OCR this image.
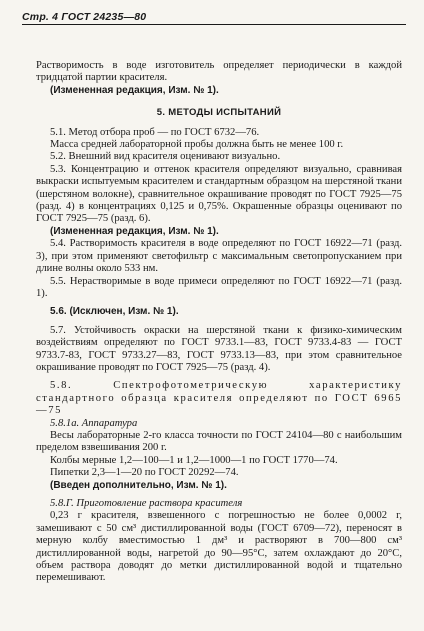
Стр. 4 ГОСТ 24235—80
Растворимость в воде изготовитель определяет периодически в каждой тридцатой партии красителя.
(Измененная редакция, Изм. № 1).
5. МЕТОДЫ ИСПЫТАНИЙ
5.1. Метод отбора проб — по ГОСТ 6732—76.
Масса средней лабораторной пробы должна быть не менее 100 г.
5.2. Внешний вид красителя оценивают визуально.
5.3. Концентрацию и оттенок красителя определяют визуально, сравнивая выкраски испытуемым красителем и стандартным образцом на шерстяной ткани (шерстяном волокне), сравнительное окрашивание проводят по ГОСТ 7925—75 (разд. 4) в концентрациях 0,125 и 0,75%. Окрашенные образцы оценивают по ГОСТ 7925—75 (разд. 6).
(Измененная редакция, Изм. № 1).
5.4. Растворимость красителя в воде определяют по ГОСТ 16922—71 (разд. 3), при этом применяют светофильтр с максимальным светопропусканием при длине волны около 533 нм.
5.5. Нерастворимые в воде примеси определяют по ГОСТ 16922—71 (разд. 1).
5.6. (Исключен, Изм. № 1).
5.7. Устойчивость окраски на шерстяной ткани к физико-химическим воздействиям определяют по ГОСТ 9733.1—83, ГОСТ 9733.4-83 — ГОСТ 9733.7-83, ГОСТ 9733.27—83, ГОСТ 9733.13—83, при этом сравнительное окрашивание проводят по ГОСТ 7925—75 (разд. 4).
5.8. Спектрофотометрическую характеристику стандартного образца красителя определяют по ГОСТ 6965—75
5.8.1а. Аппаратура
Весы лабораторные 2-го класса точности по ГОСТ 24104—80 с наибольшим пределом взвешивания 200 г.
Колбы мерные 1,2—100—1 и 1,2—1000—1 по ГОСТ 1770—74.
Пипетки 2,3—1—20 по ГОСТ 20292—74.
(Введен дополнительно, Изм. № 1).
5.8.Г. Приготовление раствора красителя
0,23 г красителя, взвешенного с погрешностью не более 0,0002 г, замешивают с 50 см³ дистиллированной воды (ГОСТ 6709—72), переносят в мерную колбу вместимостью 1 дм³ и растворяют в 700—800 см³ дистиллированной воды, нагретой до 90—95°С, затем охлаждают до 20°С, объем раствора доводят до метки дистиллированной водой и тщательно перемешивают.
